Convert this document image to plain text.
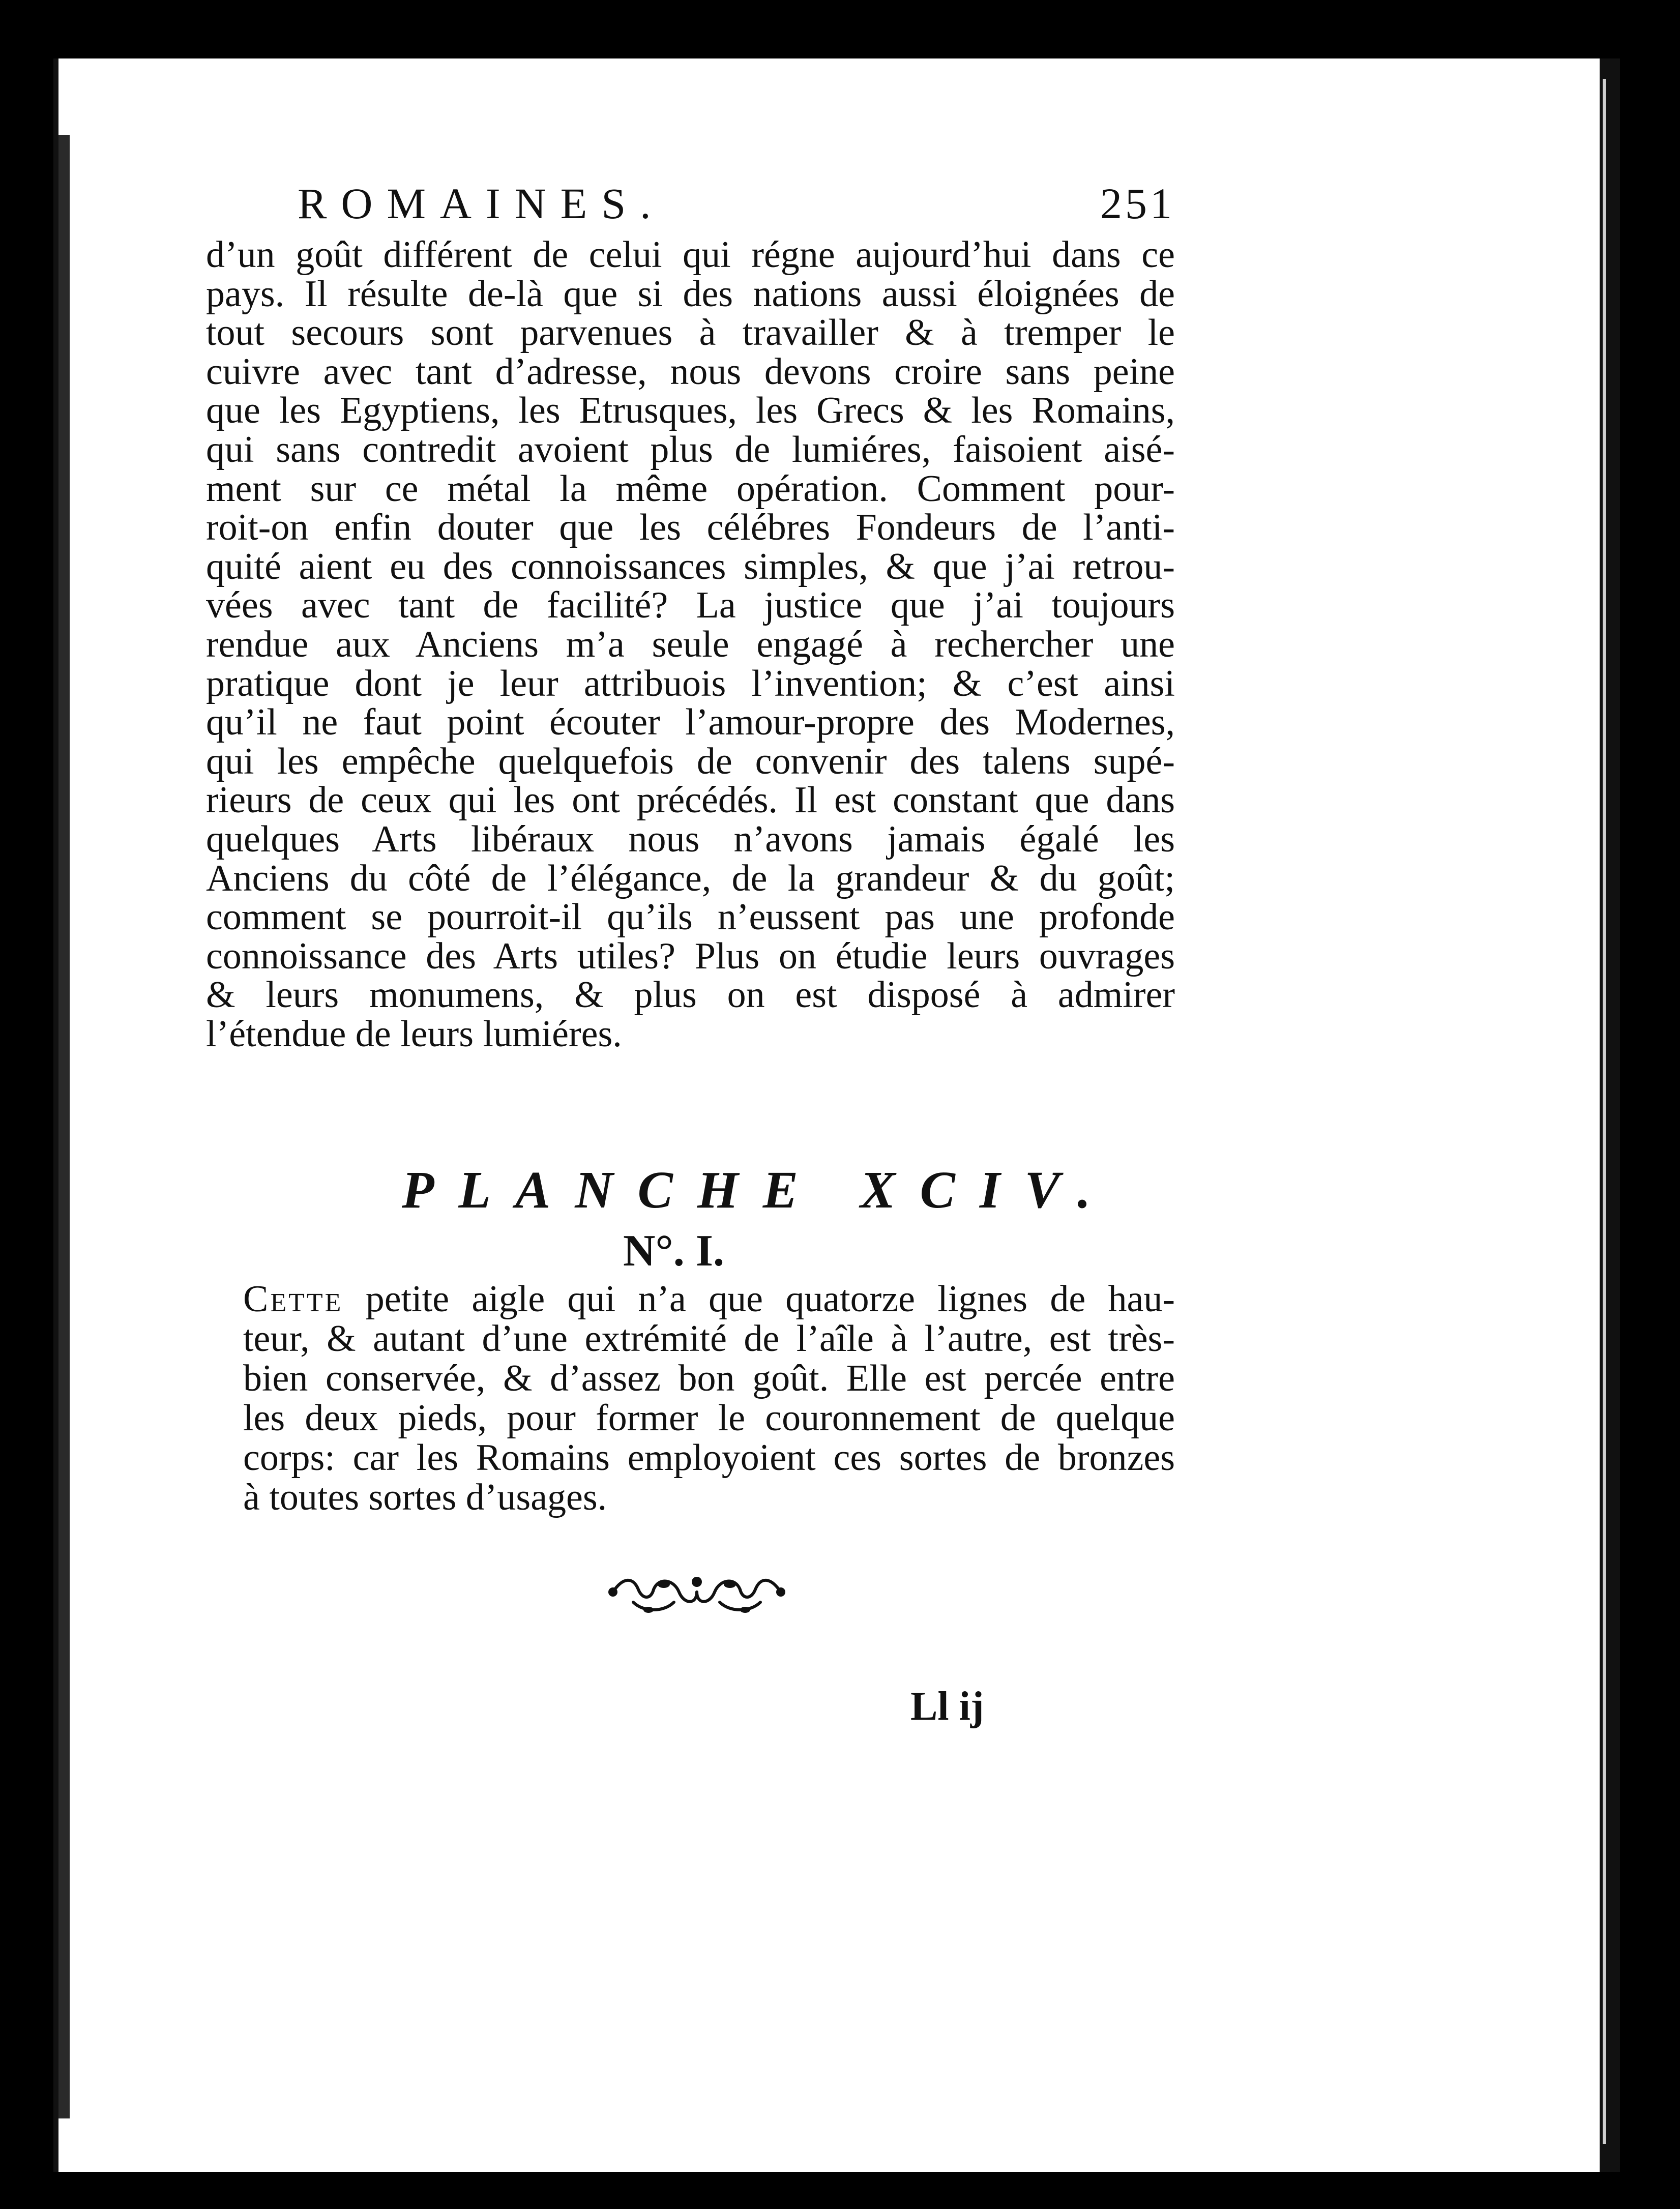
ROMAINES.	251

d’un goût différent de celui qui régne aujourd’hui dans ce

pays. Il résulte de-là que si des nations aussi éloignées de

tout secours sont parvenues à travailler & à tremper le

cuivre avec tant d’adresse, nous devons croire sans peine

que les Egyptiens, les Etrusques, les Grecs & les Romains,

qui sans contredit avoient plus de lumiéres, faisoient aisé-

ment sur ce métal la même opération. Comment pour-

roit-on enfin douter que les célébres Fondeurs de l’anti-

quité aient eu des connoissances simples, & que j’ai retrou-

vées avec tant de facilité? La justice que j’ai toujours

rendue aux Anciens m’a seule engagé à rechercher une

pratique dont je leur attribuois l’invention; & c’est ainsi

qu’il ne faut point écouter l’amour-propre des Modernes,

qui les empêche quelquefois de convenir des talens supé-

rieurs de ceux qui les ont précédés. Il est constant que dans

quelques Arts libéraux nous n’avons jamais égalé les

Anciens du côté de l’élégance, de la grandeur & du goût;

comment se pourroit-il qu’ils n’eussent pas une profonde

connoissance des Arts utiles? Plus on étudie leurs ouvrages

& leurs monumens, & plus on est disposé à admirer

l’étendue de leurs lumiéres.

PLANCHE XCIV.
N°. I.

Cette petite aigle qui n’a que quatorze lignes de hau-

teur, & autant d’une extrémité de l’aîle à l’autre, est très-

bien conservée, & d’assez bon goût. Elle est percée entre

les deux pieds, pour former le couronnement de quelque

corps: car les Romains employoient ces sortes de bronzes

à toutes sortes d’usages.

Ll ij
